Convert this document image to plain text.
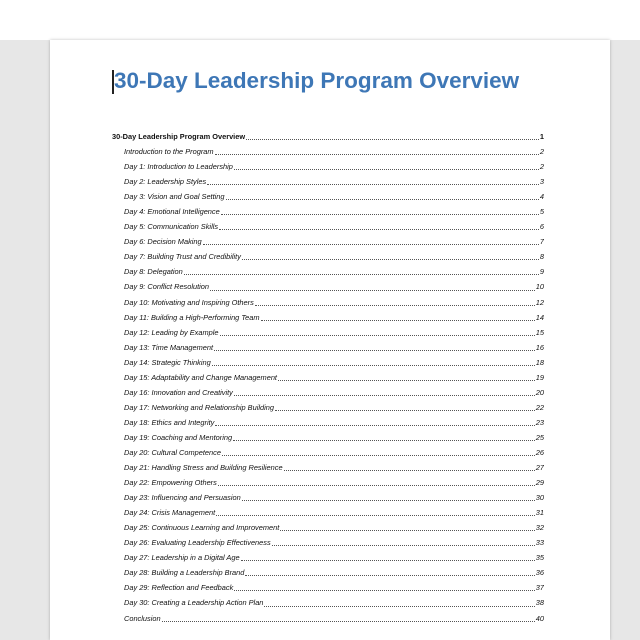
30-Day Leadership Program Overview
30-Day Leadership Program Overview	1
Introduction to the Program	2
Day 1: Introduction to Leadership	2
Day 2: Leadership Styles	3
Day 3: Vision and Goal Setting	4
Day 4: Emotional Intelligence	5
Day 5: Communication Skills	6
Day 6: Decision Making	7
Day 7: Building Trust and Credibility	8
Day 8: Delegation	9
Day 9: Conflict Resolution	10
Day 10: Motivating and Inspiring Others	12
Day 11: Building a High-Performing Team	14
Day 12: Leading by Example	15
Day 13: Time Management	16
Day 14: Strategic Thinking	18
Day 15: Adaptability and Change Management	19
Day 16: Innovation and Creativity	20
Day 17: Networking and Relationship Building	22
Day 18: Ethics and Integrity	23
Day 19: Coaching and Mentoring	25
Day 20: Cultural Competence	26
Day 21: Handling Stress and Building Resilience	27
Day 22: Empowering Others	29
Day 23: Influencing and Persuasion	30
Day 24: Crisis Management	31
Day 25: Continuous Learning and Improvement	32
Day 26: Evaluating Leadership Effectiveness	33
Day 27: Leadership in a Digital Age	35
Day 28: Building a Leadership Brand	36
Day 29: Reflection and Feedback	37
Day 30: Creating a Leadership Action Plan	38
Conclusion	40
